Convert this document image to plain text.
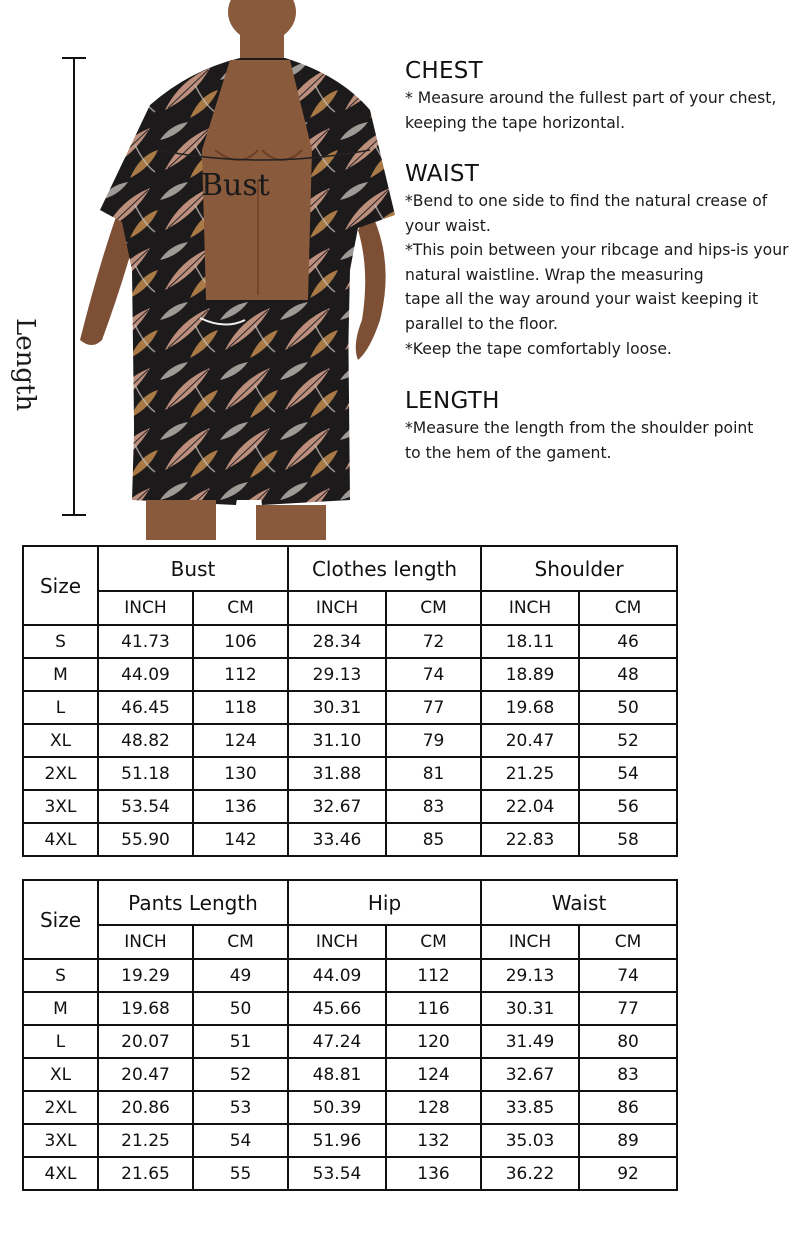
Bust
Length
CHEST
* Measure around the fullest part of your chest,
keeping the tape horizontal.
WAIST
*Bend to one side to find the natural crease of
your waist.
*This poin between your ribcage and hips-is your
natural waistline. Wrap the measuring
tape all the way around your waist keeping it
parallel to the floor.
*Keep the tape comfortably loose.
LENGTH
*Measure the length from the shoulder point
to the hem of the gament.
Size	Bust		Clothes length		Shoulder	
	INCH	CM	INCH	CM	INCH	CM
S	41.73	106	28.34	72	18.11	46
M	44.09	112	29.13	74	18.89	48
L	46.45	118	30.31	77	19.68	50
XL	48.82	124	31.10	79	20.47	52
2XL	51.18	130	31.88	81	21.25	54
3XL	53.54	136	32.67	83	22.04	56
4XL	55.90	142	33.46	85	22.83	58
Size	Pants Length		Hip		Waist	
	INCH	CM	INCH	CM	INCH	CM
S	19.29	49	44.09	112	29.13	74
M	19.68	50	45.66	116	30.31	77
L	20.07	51	47.24	120	31.49	80
XL	20.47	52	48.81	124	32.67	83
2XL	20.86	53	50.39	128	33.85	86
3XL	21.25	54	51.96	132	35.03	89
4XL	21.65	55	53.54	136	36.22	92
